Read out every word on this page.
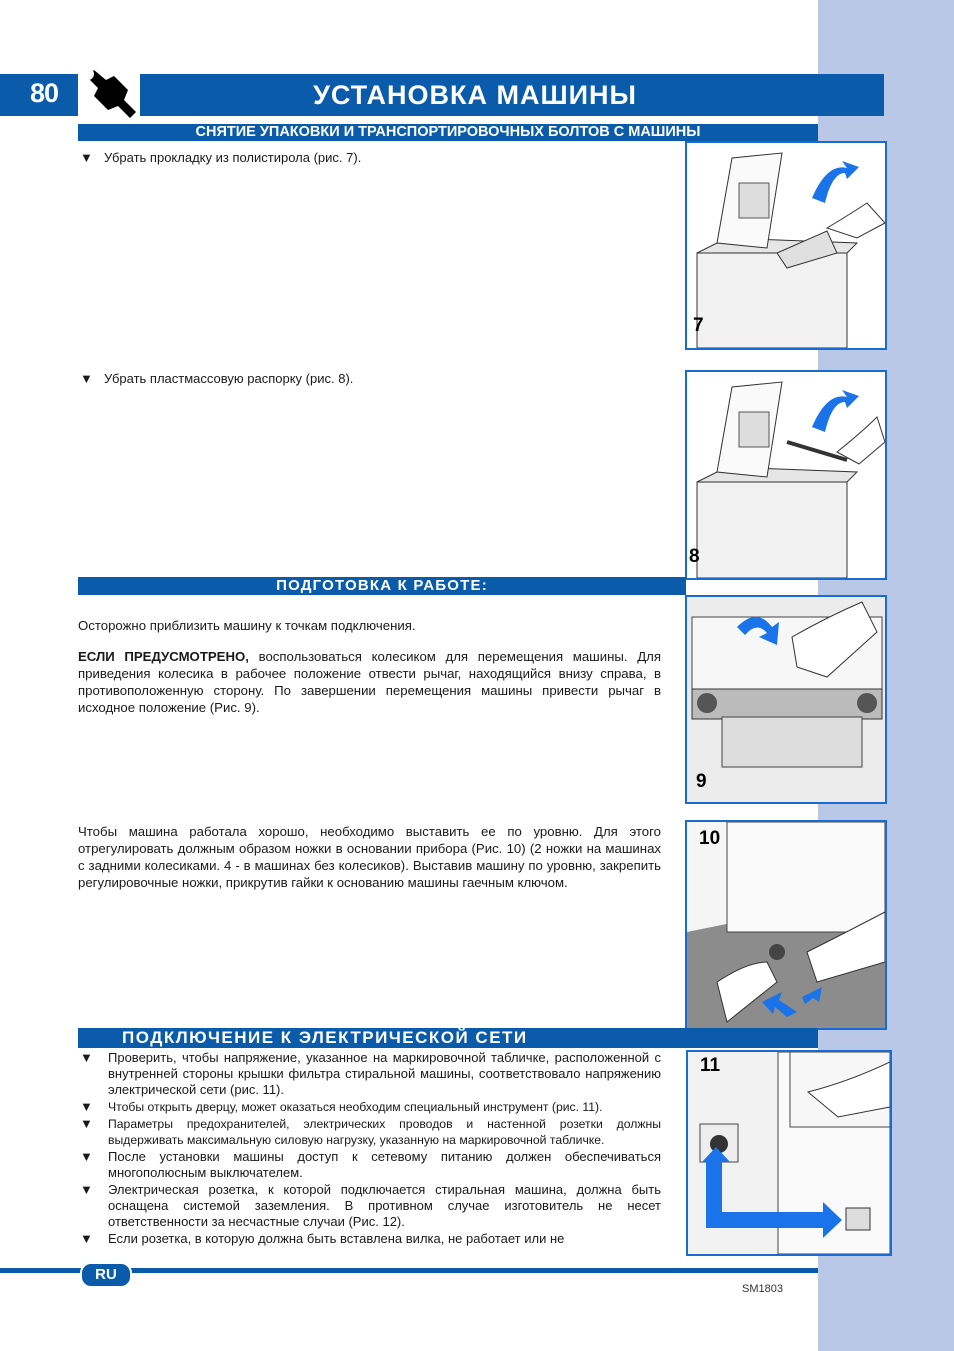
80	УСТАНОВКА МАШИНЫ
СНЯТИЕ УПАКОВКИ И ТРАНСПОРТИРОВОЧНЫХ БОЛТОВ С МАШИНЫ
▼ Убрать прокладку из полистирола (рис. 7).
▼ Убрать пластмассовую распорку (рис. 8).
7
8
ПОДГОТОВКА К РАБОТЕ:

Осторожно приблизить машину к точкам подключения.

ЕСЛИ ПРЕДУСМОТРЕНО, воспользоваться колесиком для перемещения машины. Для приведения колесика в рабочее положение отвести рычаг, находящийся внизу справа, в противоположенную сторону. По завершении перемещения машины привести рычаг в исходное положение (Рис. 9).

Чтобы машина работала хорошо, необходимо выставить ее по уровню. Для этого отрегулировать должным образом ножки в основании прибора (Рис. 10) (2 ножки на машинах с задними колесиками. 4 - в машинах без колесиков). Выставив машину по уровню, закрепить регулировочные ножки, прикрутив гайки к основанию машины гаечным ключом.

9
10
ПОДКЛЮЧЕНИЕ К ЭЛЕКТРИЧЕСКОЙ СЕТИ
▼ Проверить, чтобы напряжение, указанное на маркировочной табличке, расположенной с внутренней стороны крышки фильтра стиральной машины, соответствовало напряжению электрической сети (рис. 11).
▼ Чтобы открыть дверцу, может оказаться необходим специальный инструмент (рис. 11).
▼ Параметры предохранителей, электрических проводов и настенной розетки должны выдерживать максимальную силовую нагрузку, указанную на маркировочной табличке.
▼ После установки машины доступ к сетевому питанию должен обеспечиваться многополюсным выключателем.
▼ Электрическая розетка, к которой подключается стиральная машина, должна быть оснащена системой заземления. В противном случае изготовитель не несет ответственности за несчастные случаи (Рис. 12).
▼ Если розетка, в которую должна быть вставлена вилка, не работает или не
11
RU
SM1803
